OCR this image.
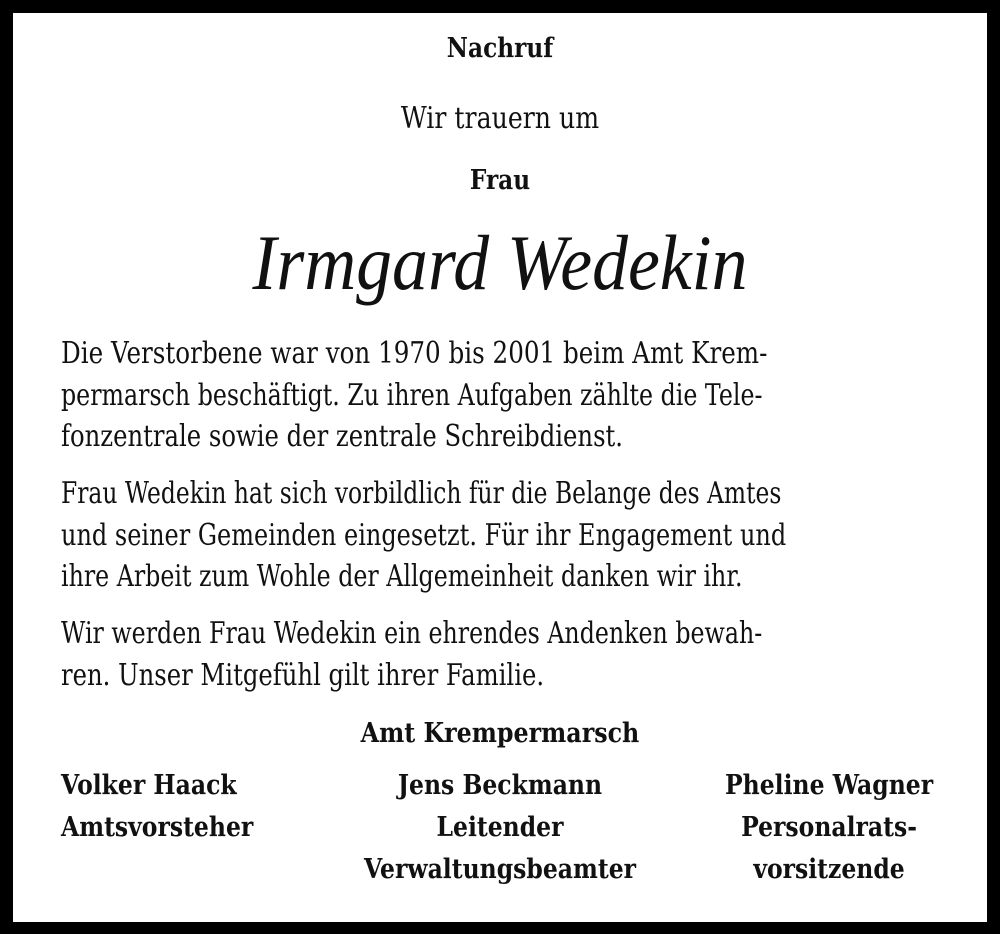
Nachruf
Wir trauern um
Frau
Irmgard Wedekin
Die Verstorbene war von 1970 bis 2001 beim Amt Krem-
permarsch beschäftigt. Zu ihren Aufgaben zählte die Tele-
fonzentrale sowie der zentrale Schreibdienst.
Frau Wedekin hat sich vorbildlich für die Belange des Amtes
und seiner Gemeinden eingesetzt. Für ihr Engagement und
ihre Arbeit zum Wohle der Allgemeinheit danken wir ihr.
Wir werden Frau Wedekin ein ehrendes Andenken bewah-
ren. Unser Mitgefühl gilt ihrer Familie.
Amt Krempermarsch
Volker Haack
Amtsvorsteher
Jens Beckmann
Leitender
Verwaltungsbeamter
Pheline Wagner
Personalrats-
vorsitzende
